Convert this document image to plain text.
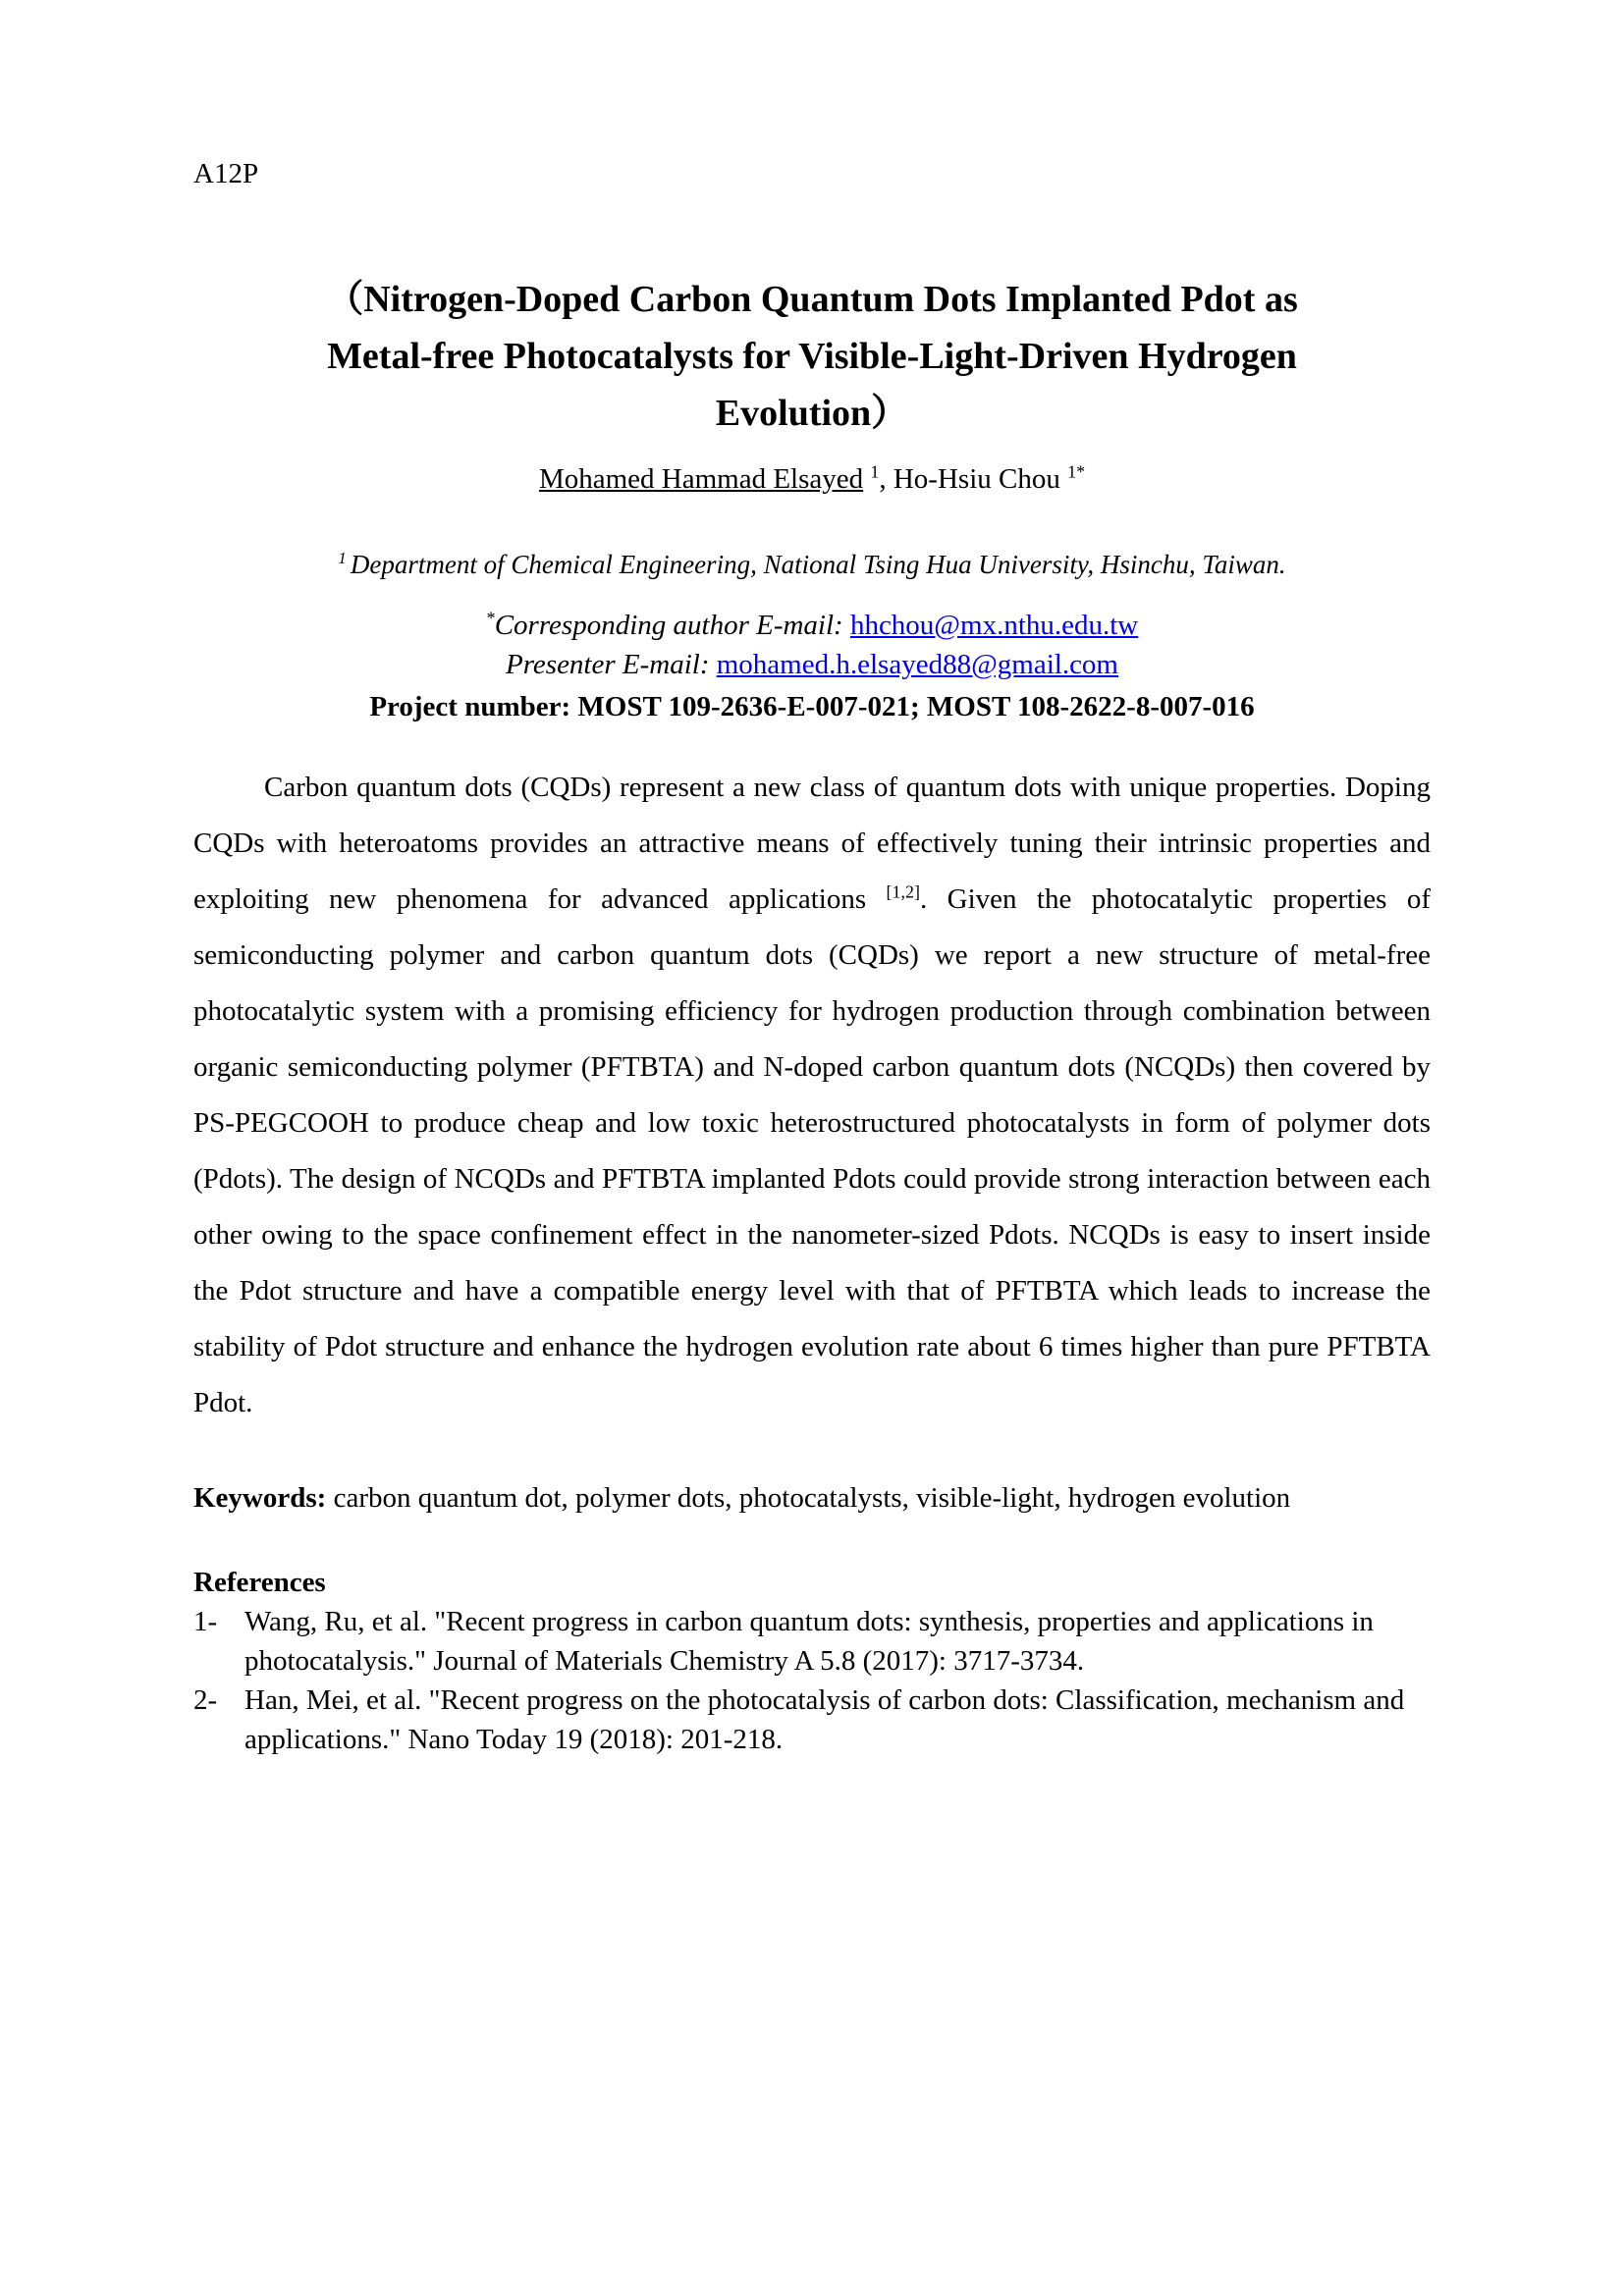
A12P
（Nitrogen-Doped Carbon Quantum Dots Implanted Pdot as
Metal-free Photocatalysts for Visible-Light-Driven Hydrogen
Evolution）
Mohamed Hammad Elsayed $^1$, Ho-Hsiu Chou $^{1*}$
$^1$ Department of Chemical Engineering, National Tsing Hua University, Hsinchu, Taiwan.
*Corresponding author E-mail: hhchou@mx.nthu.edu.tw
Presenter E-mail: mohamed.h.elsayed88@gmail.com
Project number: MOST 109-2636-E-007-021; MOST 108-2622-8-007-016
Carbon quantum dots (CQDs) represent a new class of quantum dots with unique properties. Doping CQDs with heteroatoms provides an attractive means of effectively tuning their intrinsic properties and exploiting new phenomena for advanced applications [1,2]. Given the photocatalytic properties of semiconducting polymer and carbon quantum dots (CQDs) we report a new structure of metal-free photocatalytic system with a promising efficiency for hydrogen production through combination between organic semiconducting polymer (PFTBTA) and N-doped carbon quantum dots (NCQDs) then covered by PS-PEGCOOH to produce cheap and low toxic heterostructured photocatalysts in form of polymer dots (Pdots). The design of NCQDs and PFTBTA implanted Pdots could provide strong interaction between each other owing to the space confinement effect in the nanometer-sized Pdots. NCQDs is easy to insert inside the Pdot structure and have a compatible energy level with that of PFTBTA which leads to increase the stability of Pdot structure and enhance the hydrogen evolution rate about 6 times higher than pure PFTBTA Pdot.
Keywords: carbon quantum dot, polymer dots, photocatalysts, visible-light, hydrogen evolution
References
1- Wang, Ru, et al. "Recent progress in carbon quantum dots: synthesis, properties and applications in photocatalysis." Journal of Materials Chemistry A 5.8 (2017): 3717-3734.
2- Han, Mei, et al. "Recent progress on the photocatalysis of carbon dots: Classification, mechanism and applications." Nano Today 19 (2018): 201-218.
